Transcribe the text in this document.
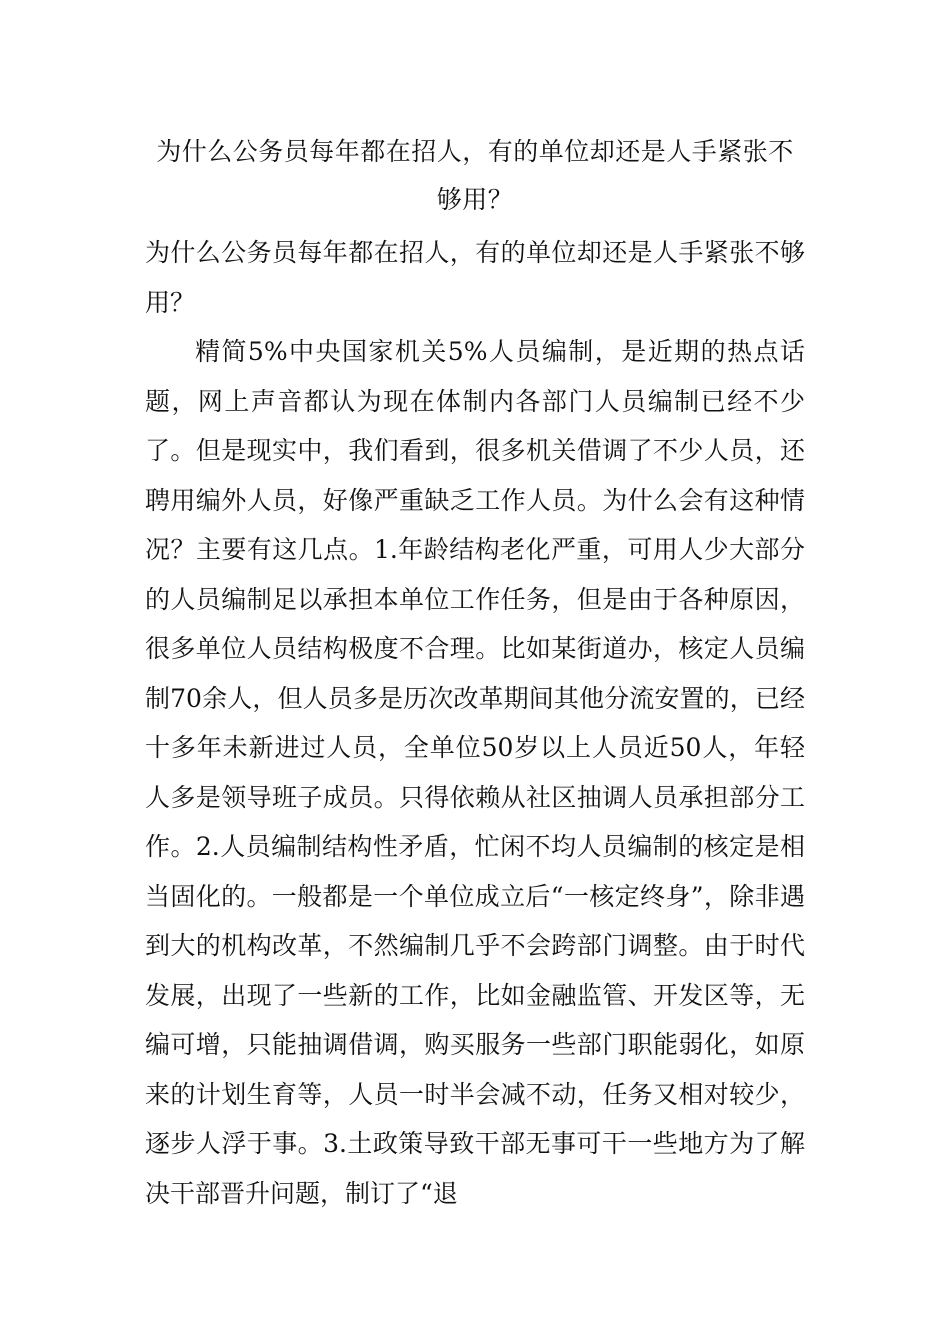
为什么公务员每年都在招人，有的单位却还是人手紧张不够用？

为什么公务员每年都在招人，有的单位却还是人手紧张不够用？

精简5%中央国家机关5%人员编制，是近期的热点话题，网上声音都认为现在体制内各部门人员编制已经不少了。但是现实中，我们看到，很多机关借调了不少人员，还聘用编外人员，好像严重缺乏工作人员。为什么会有这种情况？主要有这几点。1.年龄结构老化严重，可用人少大部分的人员编制足以承担本单位工作任务，但是由于各种原因，很多单位人员结构极度不合理。比如某街道办，核定人员编制70余人，但人员多是历次改革期间其他分流安置的，已经十多年未新进过人员，全单位50岁以上人员近50人，年轻人多是领导班子成员。只得依赖从社区抽调人员承担部分工作。2.人员编制结构性矛盾，忙闲不均人员编制的核定是相当固化的。一般都是一个单位成立后“一核定终身”，除非遇到大的机构改革，不然编制几乎不会跨部门调整。由于时代发展，出现了一些新的工作，比如金融监管、开发区等，无编可增，只能抽调借调，购买服务一些部门职能弱化，如原来的计划生育等，人员一时半会减不动，任务又相对较少，逐步人浮于事。3.土政策导致干部无事可干一些地方为了解决干部晋升问题，制订了“退
